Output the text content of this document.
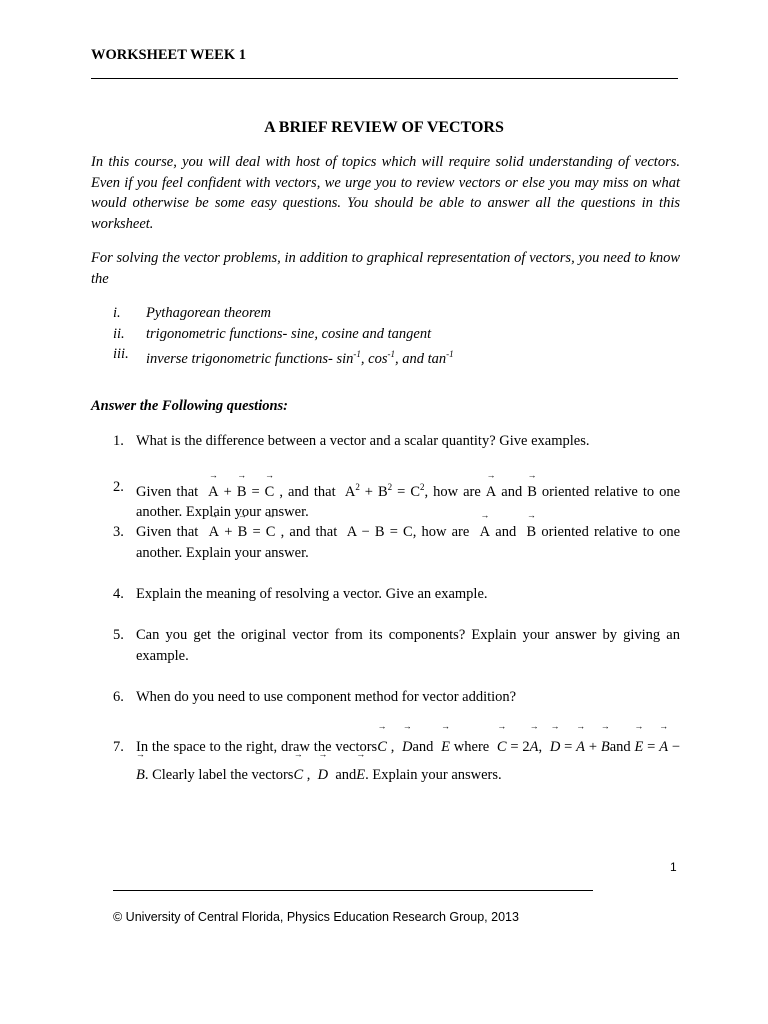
WORKSHEET WEEK 1
A BRIEF REVIEW OF VECTORS
In this course, you will deal with host of topics which will require solid understanding of vectors. Even if you feel confident with vectors, we urge you to review vectors or else you may miss on what would otherwise be some easy questions. You should be able to answer all the questions in this worksheet.
For solving the vector problems, in addition to graphical representation of vectors, you need to know the
i. Pythagorean theorem
ii. trigonometric functions- sine, cosine and tangent
iii. inverse trigonometric functions- $\sin^{-1}$, $\cos^{-1}$, and $\tan^{-1}$
Answer the Following questions:
1. What is the difference between a vector and a scalar quantity? Give examples.
2. Given that → A + → B = → C , and that  $A^2 + B^2 = C^2$, how are → A and → B oriented relative to one another. Explain your answer.
3. Given that → A + → B = → C , and that A − B = C, how are → A and → B oriented relative to one another. Explain your answer.
4. Explain the meaning of resolving a vector. Give an example.
5. Can you get the original vector from its components? Explain your answer by giving an example.
6. When do you need to use component method for vector addition?
7. In the space to the right, draw the vectors→ C ,  → Dand → E where → C = 2→ A,  → D = → A + → Band → E = → A − → B. Clearly label the vectors→ C ,  → D and→ E. Explain your answers.
1
© University of Central Florida, Physics Education Research Group, 2013
